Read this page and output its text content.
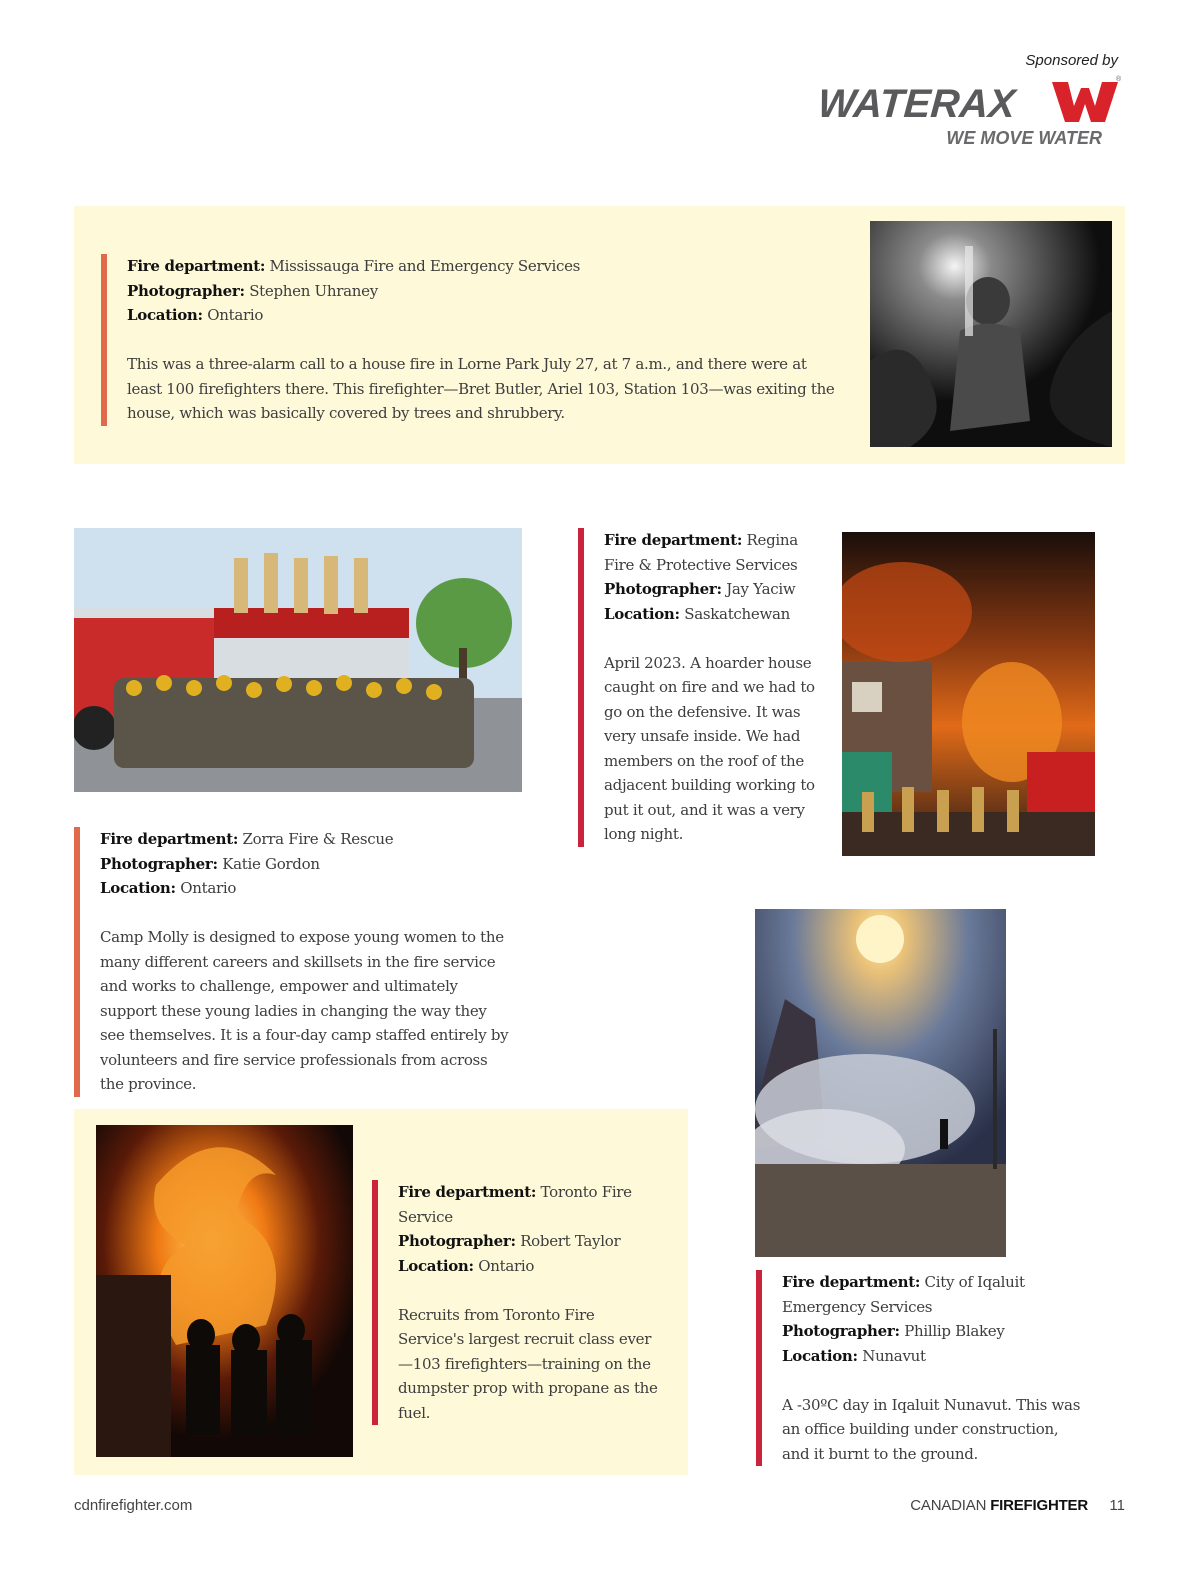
Sponsored by
WATERAX
®
WE MOVE WATER
Fire department: Mississauga Fire and Emergency Services
Photographer: Stephen Uhraney
Location: Ontario
This was a three-alarm call to a house fire in Lorne Park July 27, at 7 a.m., and there were at least 100 firefighters there. This firefighter—Bret Butler, Ariel 103, Station 103—was exiting the house, which was basically covered by trees and shrubbery.
Fire department: Regina Fire & Protective Services
Photographer: Jay Yaciw
Location: Saskatchewan
April 2023. A hoarder house caught on fire and we had to go on the defensive. It was very unsafe inside. We had members on the roof of the adjacent building working to put it out, and it was a very long night.
Fire department: Zorra Fire & Rescue
Photographer: Katie Gordon
Location: Ontario
Camp Molly is designed to expose young women to the many different careers and skillsets in the fire service and works to challenge, empower and ultimately support these young ladies in changing the way they see themselves. It is a four-day camp staffed entirely by volunteers and fire service professionals from across the province.
Fire department: Toronto Fire Service
Photographer: Robert Taylor
Location: Ontario
Recruits from Toronto Fire Service's largest recruit class ever—103 firefighters—training on the dumpster prop with propane as the fuel.
Fire department: City of Iqaluit Emergency Services
Photographer: Phillip Blakey
Location: Nunavut
A -30ºC day in Iqaluit Nunavut. This was an office building under construction, and it burnt to the ground.
cdnfirefighter.com	CANADIAN FIREFIGHTER 11
